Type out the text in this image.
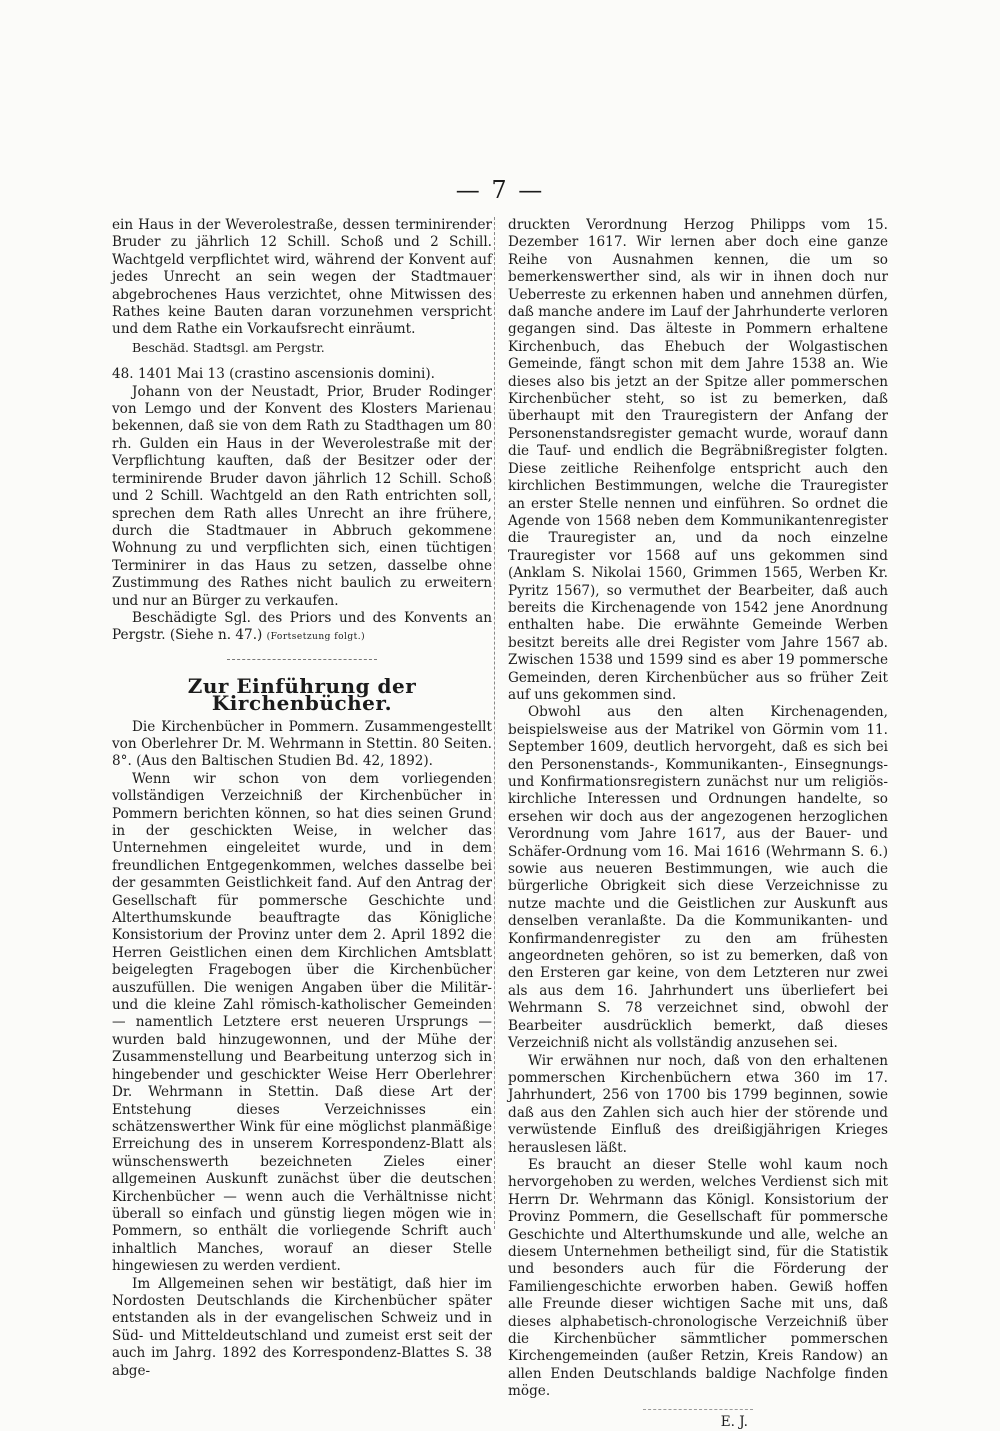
— 7 —

ein Haus in der Weverolestraße, dessen terminirender Bruder zu jährlich 12 Schill. Schoß und 2 Schill. Wachtgeld verpflichtet wird, während der Konvent auf jedes Unrecht an sein wegen der Stadtmauer abgebrochenes Haus verzichtet, ohne Mitwissen des Rathes keine Bauten daran vorzunehmen verspricht und dem Rathe ein Vorkaufsrecht einräumt.

Beschäd. Stadtsgl. am Pergstr.

48. 1401 Mai 13 (crastino ascensionis domini).

Johann von der Neustadt, Prior, Bruder Rodinger von Lemgo und der Konvent des Klosters Marienau bekennen, daß sie von dem Rath zu Stadthagen um 80 rh. Gulden ein Haus in der Weverolestraße mit der Verpflichtung kauften, daß der Besitzer oder der terminirende Bruder davon jährlich 12 Schill. Schoß und 2 Schill. Wachtgeld an den Rath entrichten soll, sprechen dem Rath alles Unrecht an ihre frühere, durch die Stadtmauer in Abbruch gekommene Wohnung zu und verpflichten sich, einen tüchtigen Terminirer in das Haus zu setzen, dasselbe ohne Zustimmung des Rathes nicht baulich zu erweitern und nur an Bürger zu verkaufen.

Beschädigte Sgl. des Priors und des Konvents an Pergstr. (Siehe n. 47.) (Fortsetzung folgt.)

Zur Einführung der Kirchenbücher.

Die Kirchenbücher in Pommern. Zusammengestellt von Oberlehrer Dr. M. Wehrmann in Stettin. 80 Seiten. 8°. (Aus den Baltischen Studien Bd. 42, 1892).

Wenn wir schon von dem vorliegenden vollständigen Verzeichniß der Kirchenbücher in Pommern berichten können, so hat dies seinen Grund in der geschickten Weise, in welcher das Unternehmen eingeleitet wurde, und in dem freundlichen Entgegenkommen, welches dasselbe bei der gesammten Geistlichkeit fand. Auf den Antrag der Gesellschaft für pommersche Geschichte und Alterthumskunde beauftragte das Königliche Konsistorium der Provinz unter dem 2. April 1892 die Herren Geistlichen einen dem Kirchlichen Amtsblatt beigelegten Fragebogen über die Kirchenbücher auszufüllen. Die wenigen Angaben über die Militär- und die kleine Zahl römisch-katholischer Gemeinden — namentlich Letztere erst neueren Ursprungs — wurden bald hinzugewonnen, und der Mühe der Zusammenstellung und Bearbeitung unterzog sich in hingebender und geschickter Weise Herr Oberlehrer Dr. Wehrmann in Stettin. Daß diese Art der Entstehung dieses Verzeichnisses ein schätzenswerther Wink für eine möglichst planmäßige Erreichung des in unserem Korrespondenz-Blatt als wünschenswerth bezeichneten Zieles einer allgemeinen Auskunft zunächst über die deutschen Kirchenbücher — wenn auch die Verhältnisse nicht überall so einfach und günstig liegen mögen wie in Pommern, so enthält die vorliegende Schrift auch inhaltlich Manches, worauf an dieser Stelle hingewiesen zu werden verdient.

Im Allgemeinen sehen wir bestätigt, daß hier im Nordosten Deutschlands die Kirchenbücher später entstanden als in der evangelischen Schweiz und in Süd- und Mitteldeutschland und zumeist erst seit der auch im Jahrg. 1892 des Korrespondenz-Blattes S. 38 abge-

druckten Verordnung Herzog Philipps vom 15. Dezember 1617. Wir lernen aber doch eine ganze Reihe von Ausnahmen kennen, die um so bemerkenswerther sind, als wir in ihnen doch nur Ueberreste zu erkennen haben und annehmen dürfen, daß manche andere im Lauf der Jahrhunderte verloren gegangen sind. Das älteste in Pommern erhaltene Kirchenbuch, das Ehebuch der Wolgastischen Gemeinde, fängt schon mit dem Jahre 1538 an. Wie dieses also bis jetzt an der Spitze aller pommerschen Kirchenbücher steht, so ist zu bemerken, daß überhaupt mit den Trauregistern der Anfang der Personenstandsregister gemacht wurde, worauf dann die Tauf- und endlich die Begräbnißregister folgten. Diese zeitliche Reihenfolge entspricht auch den kirchlichen Bestimmungen, welche die Trauregister an erster Stelle nennen und einführen. So ordnet die Agende von 1568 neben dem Kommunikantenregister die Trauregister an, und da noch einzelne Trauregister vor 1568 auf uns gekommen sind (Anklam S. Nikolai 1560, Grimmen 1565, Werben Kr. Pyritz 1567), so vermuthet der Bearbeiter, daß auch bereits die Kirchenagende von 1542 jene Anordnung enthalten habe. Die erwähnte Gemeinde Werben besitzt bereits alle drei Register vom Jahre 1567 ab. Zwischen 1538 und 1599 sind es aber 19 pommersche Gemeinden, deren Kirchenbücher aus so früher Zeit auf uns gekommen sind.

Obwohl aus den alten Kirchenagenden, beispielsweise aus der Matrikel von Görmin vom 11. September 1609, deutlich hervorgeht, daß es sich bei den Personenstands-, Kommunikanten-, Einsegnungs- und Konfirmationsregistern zunächst nur um religiös-kirchliche Interessen und Ordnungen handelte, so ersehen wir doch aus der angezogenen herzoglichen Verordnung vom Jahre 1617, aus der Bauer- und Schäfer-Ordnung vom 16. Mai 1616 (Wehrmann S. 6.) sowie aus neueren Bestimmungen, wie auch die bürgerliche Obrigkeit sich diese Verzeichnisse zu nutze machte und die Geistlichen zur Auskunft aus denselben veranlaßte. Da die Kommunikanten- und Konfirmandenregister zu den am frühesten angeordneten gehören, so ist zu bemerken, daß von den Ersteren gar keine, von dem Letzteren nur zwei als aus dem 16. Jahrhundert uns überliefert bei Wehrmann S. 78 verzeichnet sind, obwohl der Bearbeiter ausdrücklich bemerkt, daß dieses Verzeichniß nicht als vollständig anzusehen sei.

Wir erwähnen nur noch, daß von den erhaltenen pommerschen Kirchenbüchern etwa 360 im 17. Jahrhundert, 256 von 1700 bis 1799 beginnen, sowie daß aus den Zahlen sich auch hier der störende und verwüstende Einfluß des dreißigjährigen Krieges herauslesen läßt.

Es braucht an dieser Stelle wohl kaum noch hervorgehoben zu werden, welches Verdienst sich mit Herrn Dr. Wehrmann das Königl. Konsistorium der Provinz Pommern, die Gesellschaft für pommersche Geschichte und Alterthumskunde und alle, welche an diesem Unternehmen betheiligt sind, für die Statistik und besonders auch für die Förderung der Familiengeschichte erworben haben. Gewiß hoffen alle Freunde dieser wichtigen Sache mit uns, daß dieses alphabetisch-chronologische Verzeichniß über die Kirchenbücher sämmtlicher pommerschen Kirchengemeinden (außer Retzin, Kreis Randow) an allen Enden Deutschlands baldige Nachfolge finden möge.

E. J.
